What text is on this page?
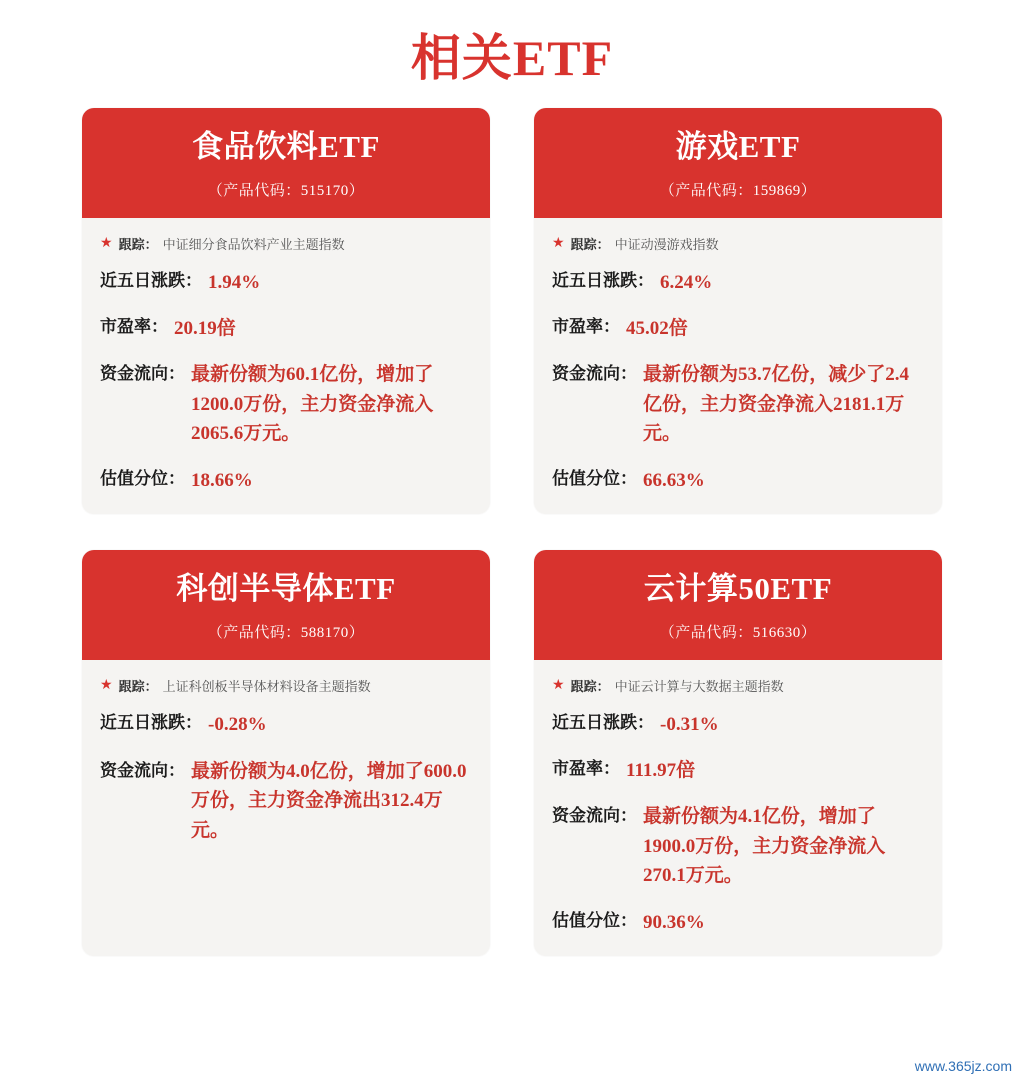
相关ETF
食品饮料ETF
（产品代码：515170）
★ 跟踪： 中证细分食品饮料产业主题指数
近五日涨跌： 1.94%
市盈率： 20.19倍
资金流向： 最新份额为60.1亿份，增加了1200.0万份，主力资金净流入2065.6万元。
估值分位： 18.66%
游戏ETF
（产品代码：159869）
★ 跟踪： 中证动漫游戏指数
近五日涨跌： 6.24%
市盈率： 45.02倍
资金流向： 最新份额为53.7亿份，减少了2.4亿份，主力资金净流入2181.1万元。
估值分位： 66.63%
科创半导体ETF
（产品代码：588170）
★ 跟踪： 上证科创板半导体材料设备主题指数
近五日涨跌： -0.28%
资金流向： 最新份额为4.0亿份，增加了600.0万份，主力资金净流出312.4万元。
云计算50ETF
（产品代码：516630）
★ 跟踪： 中证云计算与大数据主题指数
近五日涨跌： -0.31%
市盈率： 111.97倍
资金流向： 最新份额为4.1亿份，增加了1900.0万份，主力资金净流入270.1万元。
估值分位： 90.36%
www.365jz.com
